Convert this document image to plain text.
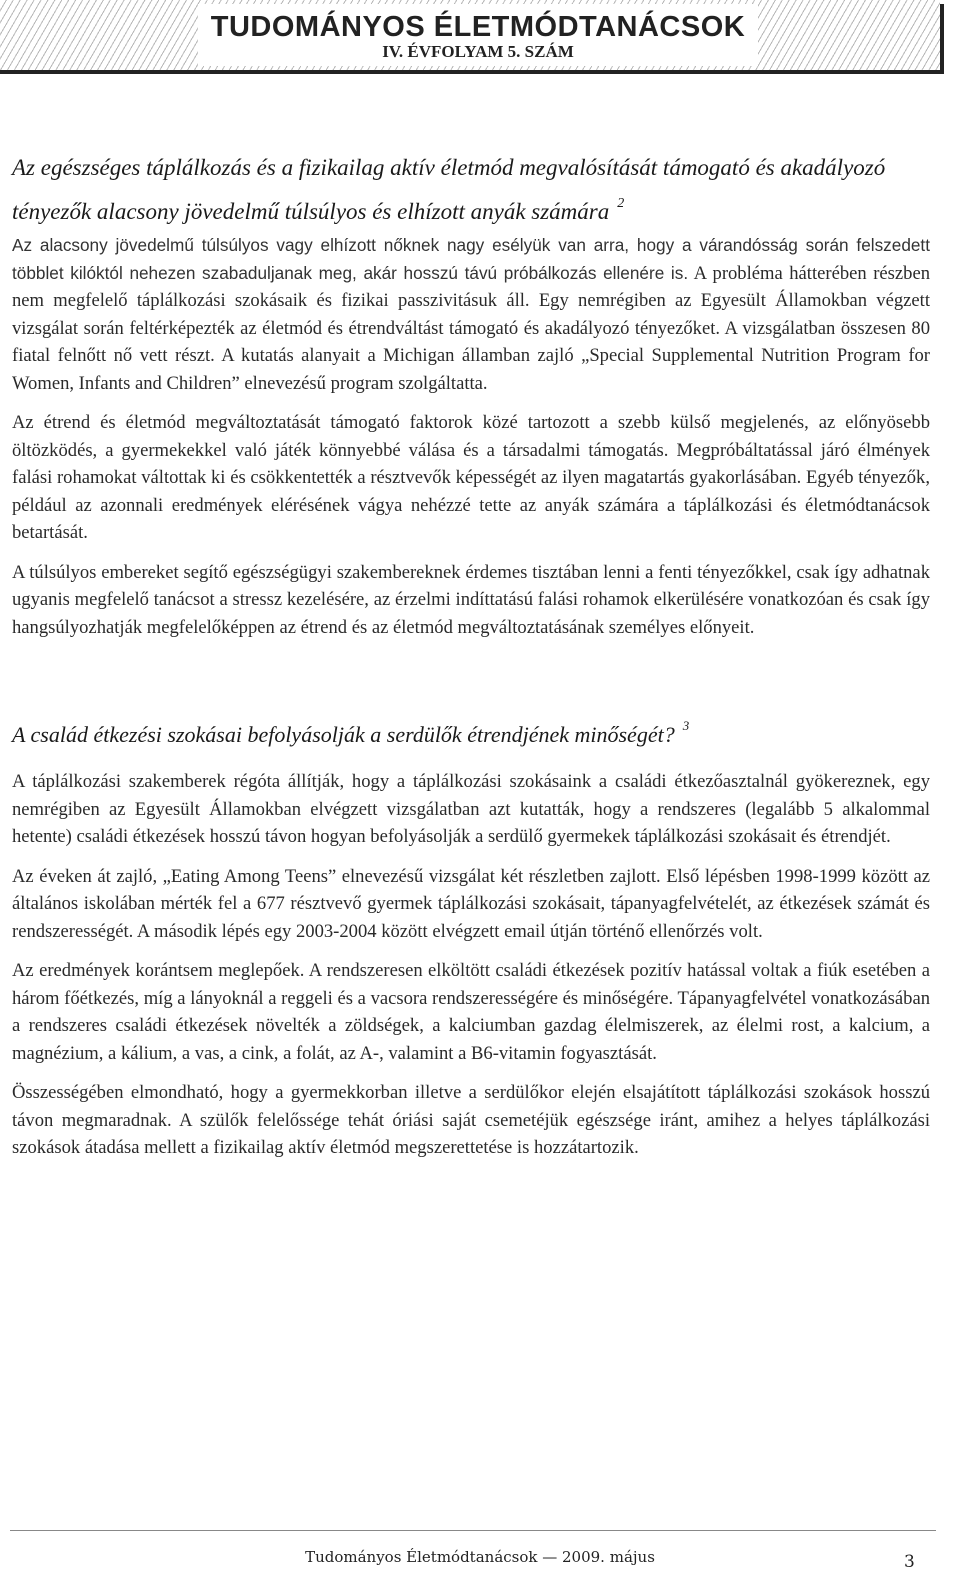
TUDOMÁNYOS ÉLETMÓDTANÁCSOK
IV. ÉVFOLYAM 5. SZÁM
Az egészséges táplálkozás és a fizikailag aktív életmód megvalósítását támogató és akadályozó tényezők alacsony jövedelmű túlsúlyos és elhízott anyák számára $^2$

Az alacsony jövedelmű túlsúlyos vagy elhízott nőknek nagy esélyük van arra, hogy a várandósság során felszedett többlet kilóktól nehezen szabaduljanak meg, akár hosszú távú próbálkozás ellenére is. A probléma hátterében részben nem megfelelő táplálkozási szokásaik és fizikai passzivitásuk áll. Egy nemrégiben az Egyesült Államokban végzett vizsgálat során feltérképezték az életmód és étrendváltást támogató és akadályozó tényezőket. A vizsgálatban összesen 80 fiatal felnőtt nő vett részt. A kutatás alanyait a Michigan államban zajló „Special Supplemental Nutrition Program for Women, Infants and Children” elnevezésű program szolgáltatta.

Az étrend és életmód megváltoztatását támogató faktorok közé tartozott a szebb külső megjelenés, az előnyösebb öltözködés, a gyermekekkel való játék könnyebbé válása és a társadalmi támogatás. Megpróbáltatással járó élmények falási rohamokat váltottak ki és csökkentették a résztvevők képességét az ilyen magatartás gyakorlásában. Egyéb tényezők, például az azonnali eredmények elérésének vágya nehézzé tette az anyák számára a táplálkozási és életmódtanácsok betartását.

A túlsúlyos embereket segítő egészségügyi szakembereknek érdemes tisztában lenni a fenti tényezőkkel, csak így adhatnak ugyanis megfelelő tanácsot a stressz kezelésére, az érzelmi indíttatású falási rohamok elkerülésére vonatkozóan és csak így hangsúlyozhatják megfelelőképpen az étrend és az életmód megváltoztatásának személyes előnyeit.

A család étkezési szokásai befolyásolják a serdülők étrendjének minőségét? $^3$

A táplálkozási szakemberek régóta állítják, hogy a táplálkozási szokásaink a családi étkezőasztalnál gyökereznek, egy nemrégiben az Egyesült Államokban elvégzett vizsgálatban azt kutatták, hogy a rendszeres (legalább 5 alkalommal hetente) családi étkezések hosszú távon hogyan befolyásolják a serdülő gyermekek táplálkozási szokásait és étrendjét.

Az éveken át zajló, „Eating Among Teens” elnevezésű vizsgálat két részletben zajlott. Első lépésben 1998-1999 között az általános iskolában mérték fel a 677 résztvevő gyermek táplálkozási szokásait, tápanyagfelvételét, az étkezések számát és rendszerességét. A második lépés egy 2003-2004 között elvégzett email útján történő ellenőrzés volt.

Az eredmények korántsem meglepőek. A rendszeresen elköltött családi étkezések pozitív hatással voltak a fiúk esetében a három főétkezés, míg a lányoknál a reggeli és a vacsora rendszerességére és minőségére. Tápanyagfelvétel vonatkozásában a rendszeres családi étkezések növelték a zöldségek, a kalciumban gazdag élelmiszerek, az élelmi rost, a kalcium, a magnézium, a kálium, a vas, a cink, a folát, az A-, valamint a B6-vitamin fogyasztását.

Összességében elmondható, hogy a gyermekkorban illetve a serdülőkor elején elsajátított táplálkozási szokások hosszú távon megmaradnak. A szülők felelőssége tehát óriási saját csemetéjük egészsége iránt, amihez a helyes táplálkozási szokások átadása mellett a fizikailag aktív életmód megszerettetése is hozzátartozik.

Tudományos Életmódtanácsok — 2009. május	3
